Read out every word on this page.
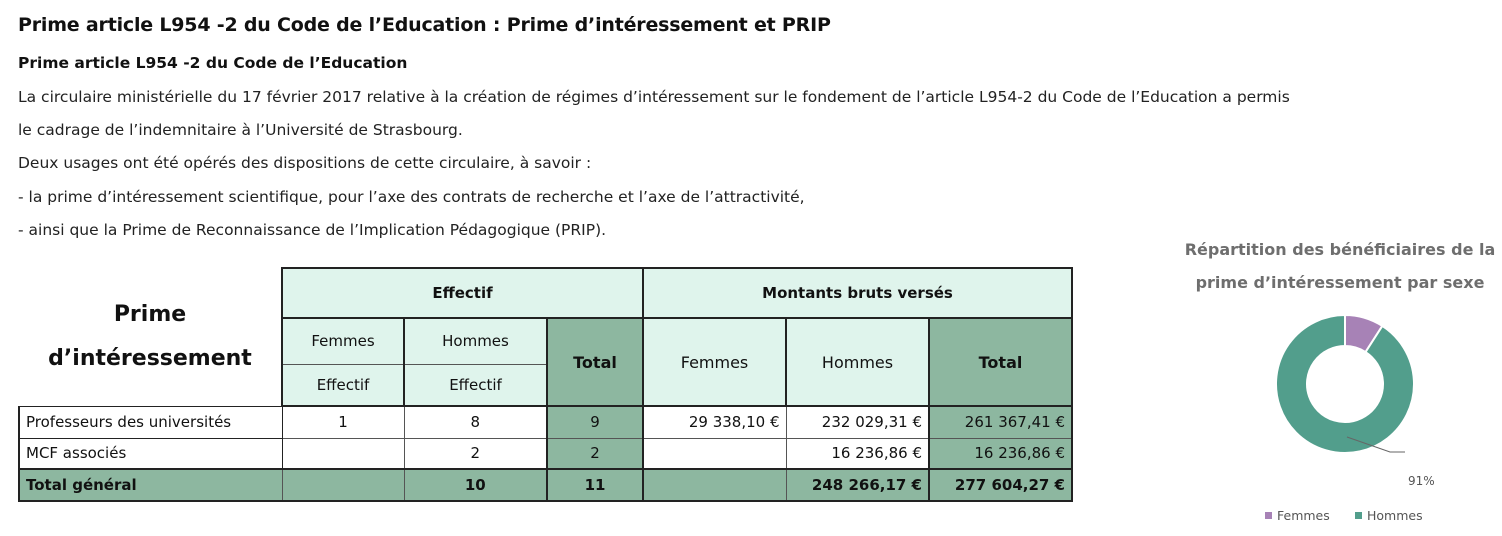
Prime article L954 -2 du Code de l’Education : Prime d’intéressement et PRIP
Prime article L954 -2 du Code de l’Education
La circulaire ministérielle du 17 février 2017 relative à la création de régimes d’intéressement sur le fondement de l’article L954-2 du Code de l’Education a permis
le cadrage de l’indemnitaire à l’Université de Strasbourg.
Deux usages ont été opérés des dispositions de cette circulaire, à savoir :
- la prime d’intéressement scientifique, pour l’axe des contrats de recherche et l’axe de l’attractivité,
- ainsi que la Prime de Reconnaissance de l’Implication Pédagogique (PRIP).
Prime
d’intéressement	Effectif			Montants bruts versés		
	Femmes	Hommes	Total	Femmes	Hommes	Total
	Effectif	Effectif				
Professeurs des universités	1	8	9	29 338,10 €	232 029,31 €	261 367,41 €
MCF associés		2	2		16 236,86 €	16 236,86 €
Total général		10	11		248 266,17 €	277 604,27 €
Répartition des bénéficiaires de la
prime d’intéressement par sexe
91%
Femmes	Hommes
